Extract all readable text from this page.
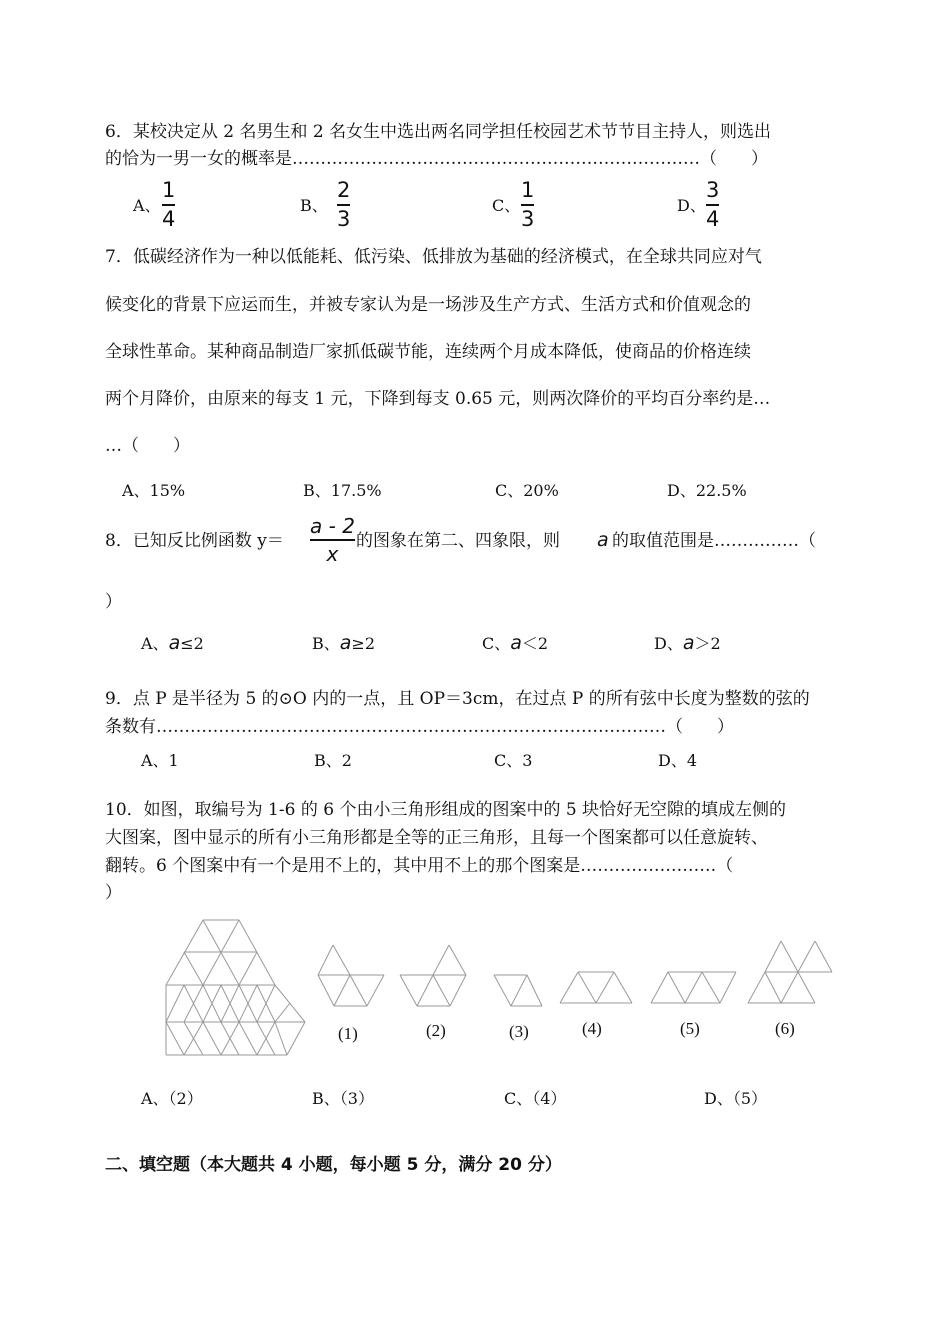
6．某校决定从 2 名男生和 2 名女生中选出两名同学担任校园艺术节节目主持人，则选出
的恰为一男一女的概率是………………………………………………………………（　　）
A、
1
4
B、
2
3
C、
1
3
D、
3
4
7．低碳经济作为一种以低能耗、低污染、低排放为基础的经济模式，在全球共同应对气
候变化的背景下应运而生，并被专家认为是一场涉及生产方式、生活方式和价值观念的
全球性革命。某种商品制造厂家抓低碳节能，连续两个月成本降低，使商品的价格连续
两个月降价，由原来的每支 1 元，下降到每支 0.65 元，则两次降价的平均百分率约是…
…（　　）
A、15%	B、17.5%	C、20%	D、22.5%
8．已知反比例函数 y＝
a - 2
x
的图象在第二、四象限，则 a 的取值范围是……………（
）
A、a≤2	B、a≥2	C、a＜2	D、a＞2
9．点 P 是半径为 5 的⊙O 内的一点，且 OP＝3cm，在过点 P 的所有弦中长度为整数的弦的
条数有………………………………………………………………………………（　　）
A、1	B、2	C、3	D、4
10．如图，取编号为 1-6 的 6 个由小三角形组成的图案中的 5 块恰好无空隙的填成左侧的
大图案，图中显示的所有小三角形都是全等的正三角形，且每一个图案都可以任意旋转、
翻转。6 个图案中有一个是用不上的，其中用不上的那个图案是……………………（
）
(1)	(2)	(3)	(4)	(5)	(6)
A、（2）	B、（3）	C、（4）	D、（5）
二、填空题（本大题共 4 小题，每小题 5 分，满分 20 分）
